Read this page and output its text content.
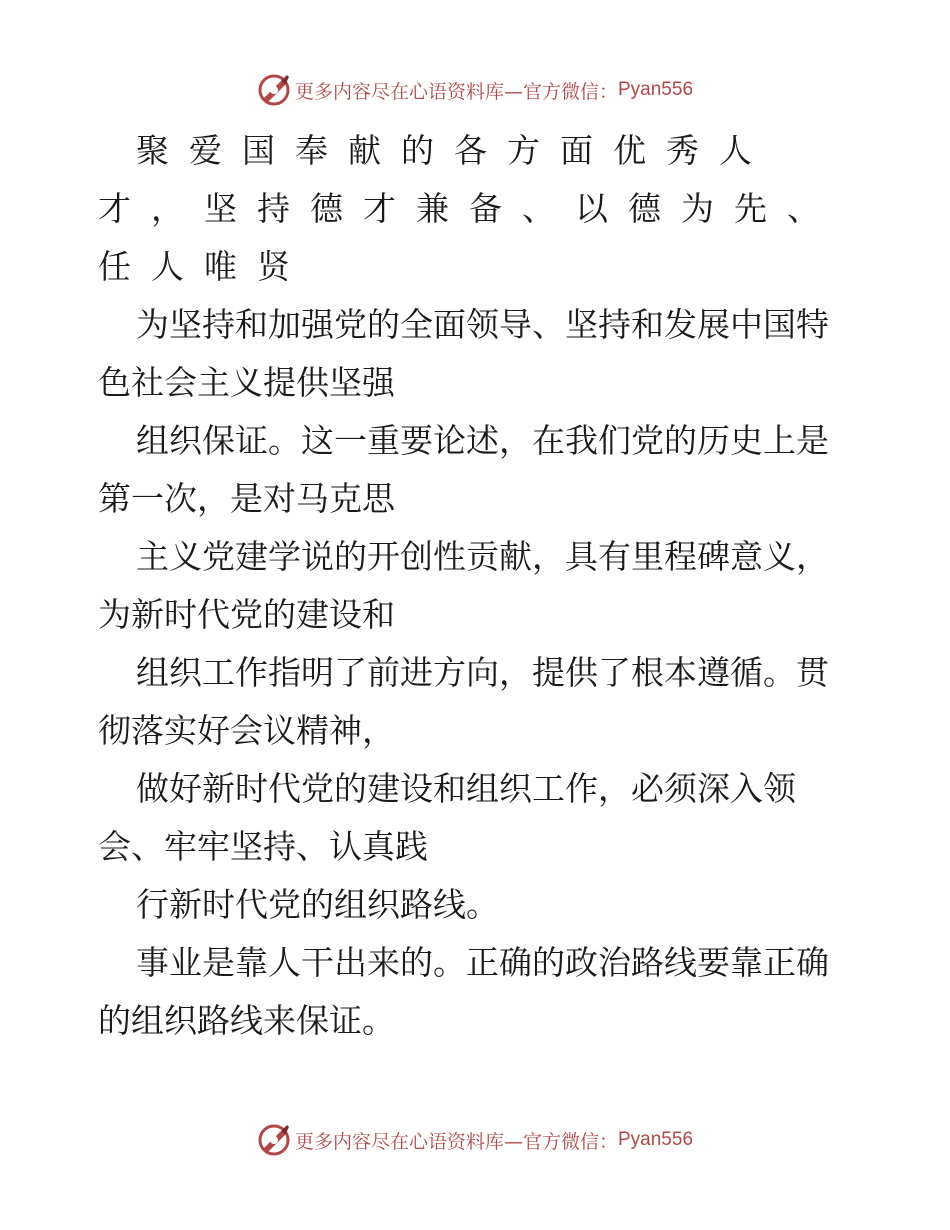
更多内容尽在心语资料库—官方微信： Pyan556

聚爱国奉献的各方面优秀人才，坚持德才兼备、以德为先、任人唯贤

为坚持和加强党的全面领导、坚持和发展中国特色社会主义提供坚强

组织保证。这一重要论述，在我们党的历史上是第一次，是对马克思

主义党建学说的开创性贡献，具有里程碑意义，为新时代党的建设和

组织工作指明了前进方向，提供了根本遵循。贯彻落实好会议精神，

做好新时代党的建设和组织工作，必须深入领会、牢牢坚持、认真践

行新时代党的组织路线。

事业是靠人干出来的。正确的政治路线要靠正确的组织路线来保证。

更多内容尽在心语资料库—官方微信： Pyan556
